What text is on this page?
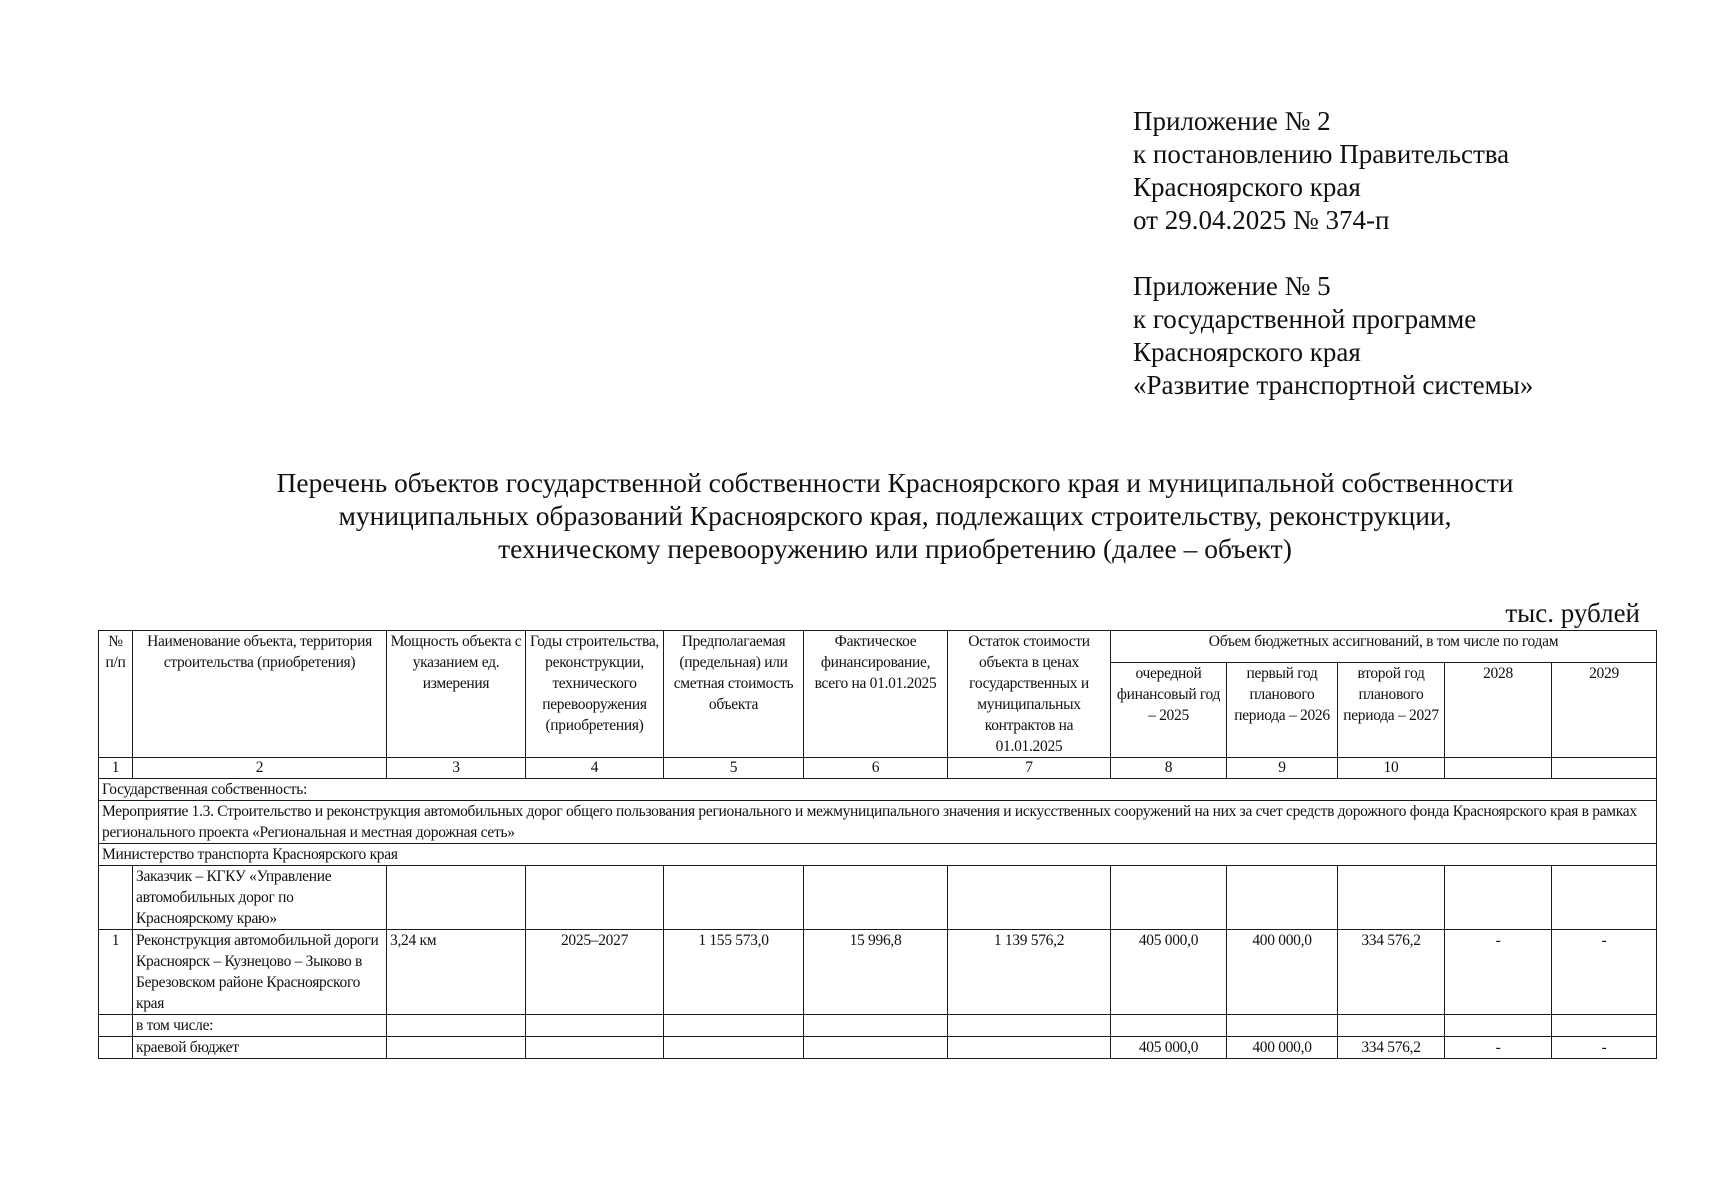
Приложение № 2
к постановлению Правительства
Красноярского края
от 29.04.2025 № 374-п
Приложение № 5
к государственной программе
Красноярского края
«Развитие транспортной системы»
Перечень объектов государственной собственности Красноярского края и муниципальной собственности
муниципальных образований Красноярского края, подлежащих строительству, реконструкции,
техническому перевооружению или приобретению (далее – объект)
тыс. рублей
№ п/п	Наименование объекта, территория строительства (приобретения)	Мощность объекта с указанием ед. измерения	Годы строительства, реконструкции, технического перевооружения (приобретения)	Предполагаемая (предельная) или сметная стоимость объекта	Фактическое финансирование, всего на 01.01.2025	Остаток стоимости объекта в ценах государственных и муниципальных контрактов на 01.01.2025	Объем бюджетных ассигнований, в том числе по годам				
							очередной финансовый год – 2025	первый год планового периода – 2026	второй год планового периода – 2027	2028	2029
1	2	3	4	5	6	7	8	9	10		
Государственная собственность:											
Мероприятие 1.3. Строительство и реконструкция автомобильных дорог общего пользования регионального и межмуниципального значения и искусственных сооружений на них за счет средств дорожного фонда Красноярского края в рамках регионального проекта «Региональная и местная дорожная сеть»											
Министерство транспорта Красноярского края											
	Заказчик – КГКУ «Управление автомобильных дорог по Красноярскому краю»										
1	Реконструкция автомобильной дороги Красноярск – Кузнецово – Зыково в Березовском районе Красноярского края	3,24 км	2025–2027	1 155 573,0	15 996,8	1 139 576,2	405 000,0	400 000,0	334 576,2	-	-
	в том числе:										
	краевой бюджет						405 000,0	400 000,0	334 576,2	-	-
